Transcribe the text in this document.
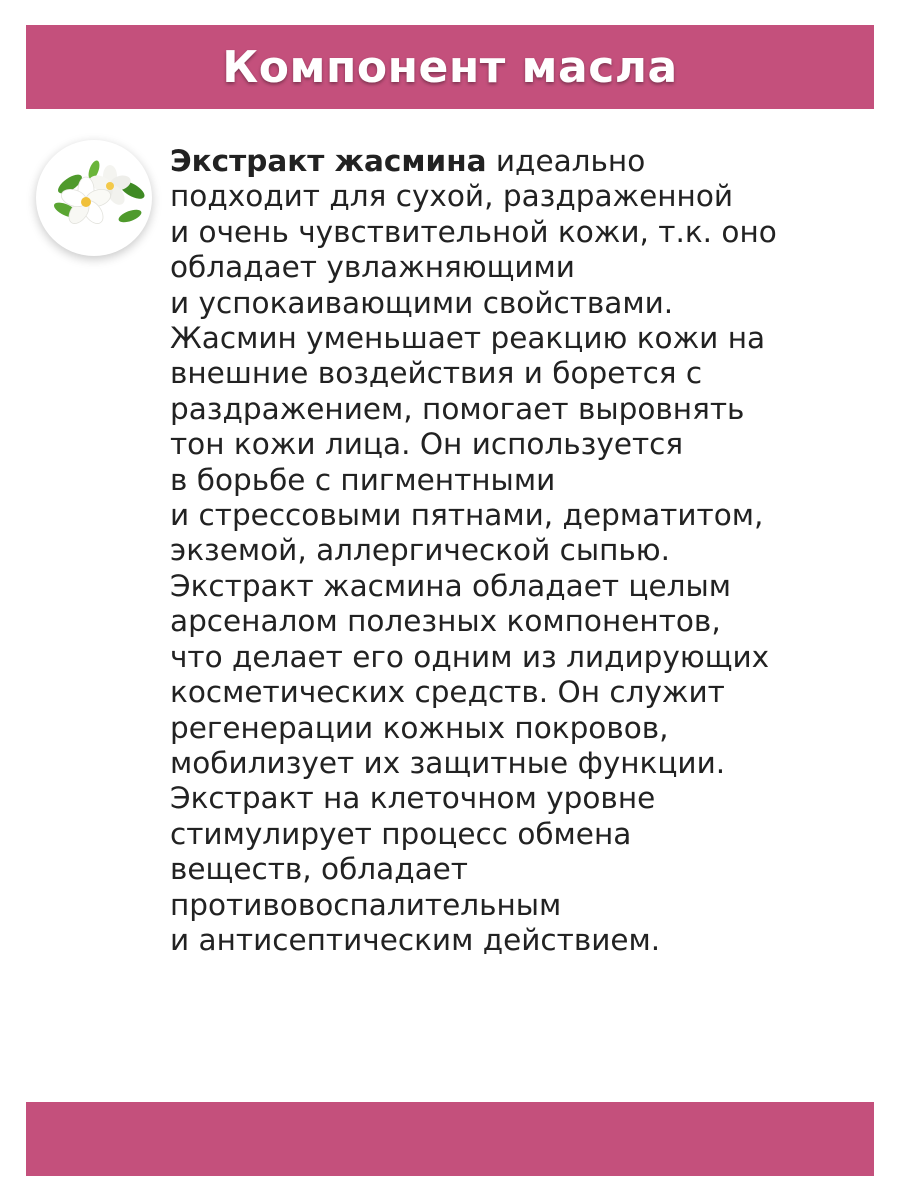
Компонент масла
Экстракт жасмина идеально
подходит для сухой, раздраженной
и очень чувствительной кожи, т.к. оно
обладает увлажняющими
и успокаивающими свойствами.
Жасмин уменьшает реакцию кожи на
внешние воздействия и борется с
раздражением, помогает выровнять
тон кожи лица. Он используется
в борьбе с пигментными
и стрессовыми пятнами, дерматитом,
экземой, аллергической сыпью.
Экстракт жасмина обладает целым
арсеналом полезных компонентов,
что делает его одним из лидирующих
косметических средств. Он служит
регенерации кожных покровов,
мобилизует их защитные функции.
Экстракт на клеточном уровне
стимулирует процесс обмена
веществ, обладает
противовоспалительным
и антисептическим действием.
